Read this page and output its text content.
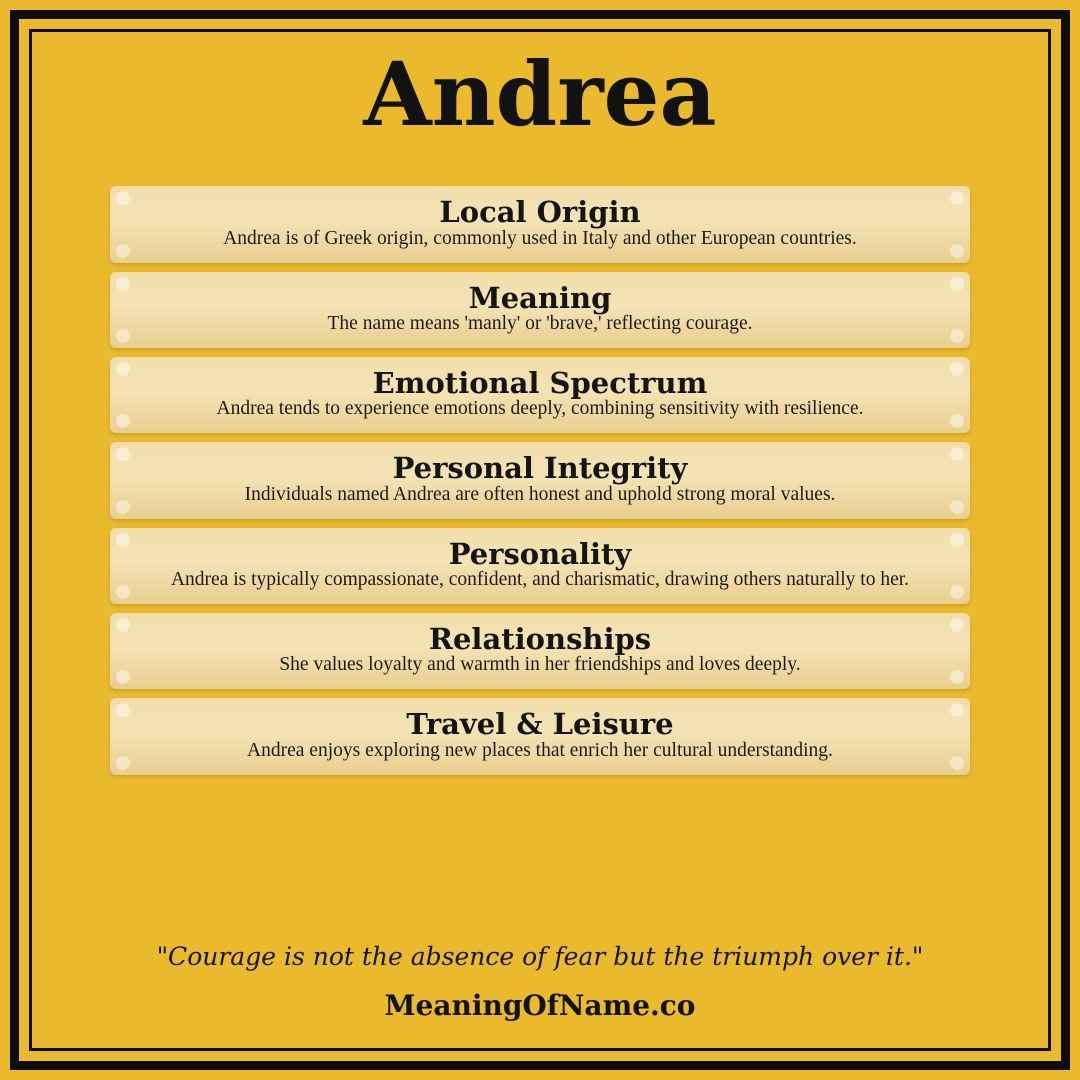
Andrea
Local Origin
Andrea is of Greek origin, commonly used in Italy and other European countries.
Meaning
The name means 'manly' or 'brave,' reflecting courage.
Emotional Spectrum
Andrea tends to experience emotions deeply, combining sensitivity with resilience.
Personal Integrity
Individuals named Andrea are often honest and uphold strong moral values.
Personality
Andrea is typically compassionate, confident, and charismatic, drawing others naturally to her.
Relationships
She values loyalty and warmth in her friendships and loves deeply.
Travel & Leisure
Andrea enjoys exploring new places that enrich her cultural understanding.
"Courage is not the absence of fear but the triumph over it."
MeaningOfName.co
